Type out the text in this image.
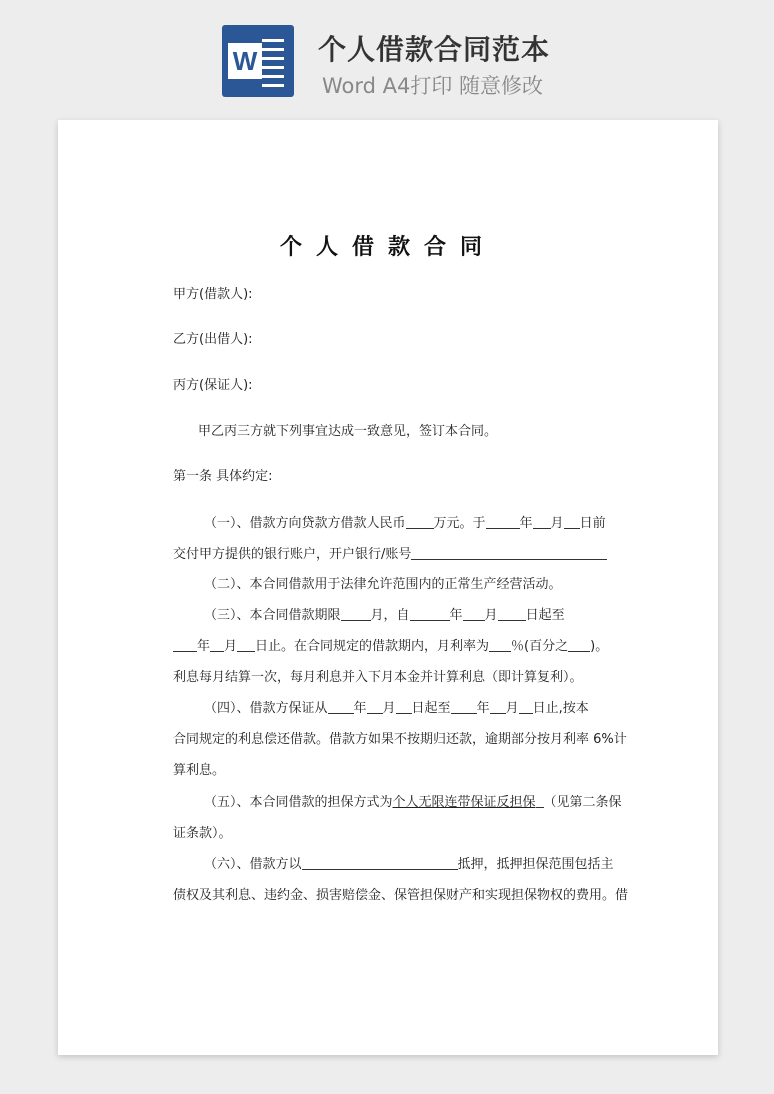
W 个人借款合同范本
Word A4打印 随意修改

个人借款合同
甲方(借款人):
乙方(出借人):
丙方(保证人):
甲乙丙三方就下列事宜达成一致意见，签订本合同。
第一条 具体约定:
（一）、借款方向贷款方借款人民币 万元。于	年 月 日前
交付甲方提供的银行账户，开户银行/账号
（二）、本合同借款用于法律允许范围内的正常生产经营活动。
（三）、本合同借款期限 月，自	年 月 日起至
年 月 日止。在合同规定的借款期内，月利率为 ％(百分之 )。
利息每月结算一次，每月利息并入下月本金并计算利息（即计算复利）。
（四）、借款方保证从 年 月 日起至 年 月 日止,按本
合同规定的利息偿还借款。借款方如果不按期归还款，逾期部分按月利率 6%计
算利息。
（五）、本合同借款的担保方式为个人无限连带保证反担保 （见第二条保
证条款）。
（六）、借款方以	抵押，抵押担保范围包括主
债权及其利息、违约金、损害赔偿金、保管担保财产和实现担保物权的费用。借
